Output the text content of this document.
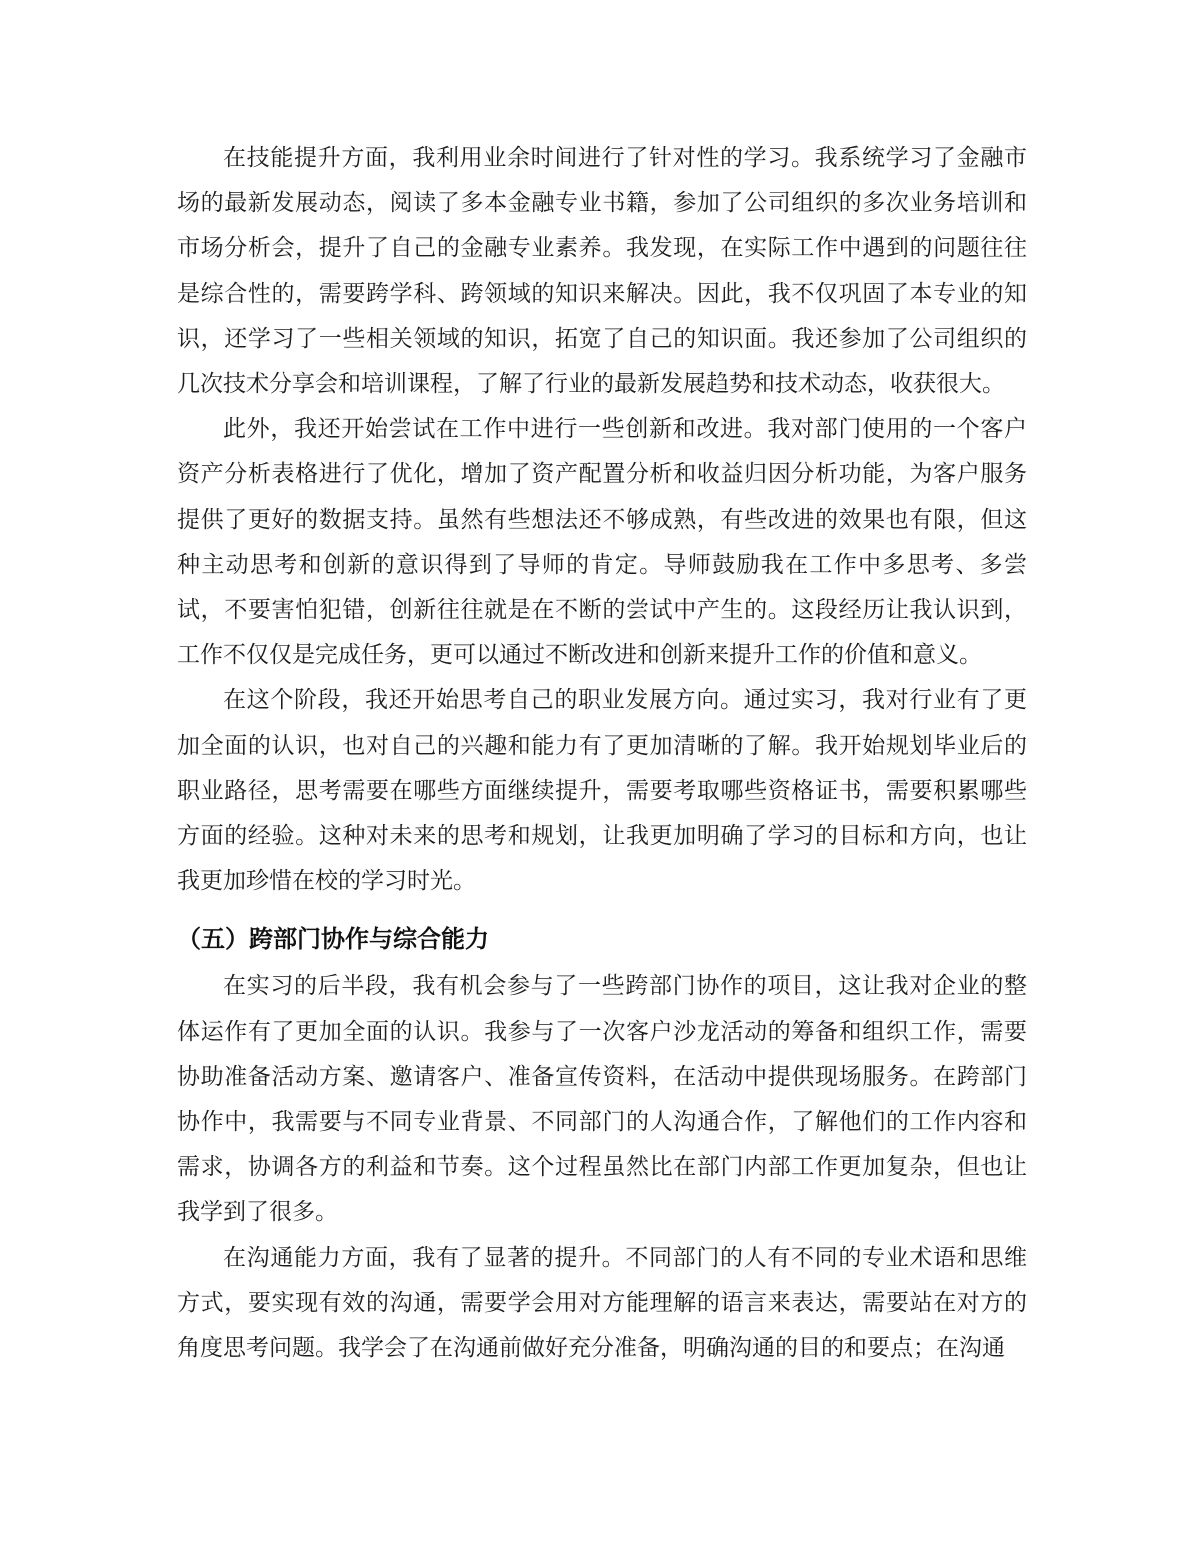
在技能提升方面，我利用业余时间进行了针对性的学习。我系统学习了金融市场的最新发展动态，阅读了多本金融专业书籍，参加了公司组织的多次业务培训和市场分析会，提升了自己的金融专业素养。我发现，在实际工作中遇到的问题往往是综合性的，需要跨学科、跨领域的知识来解决。因此，我不仅巩固了本专业的知识，还学习了一些相关领域的知识，拓宽了自己的知识面。我还参加了公司组织的几次技术分享会和培训课程，了解了行业的最新发展趋势和技术动态，收获很大。

此外，我还开始尝试在工作中进行一些创新和改进。我对部门使用的一个客户资产分析表格进行了优化，增加了资产配置分析和收益归因分析功能，为客户服务提供了更好的数据支持。虽然有些想法还不够成熟，有些改进的效果也有限，但这种主动思考和创新的意识得到了导师的肯定。导师鼓励我在工作中多思考、多尝试，不要害怕犯错，创新往往就是在不断的尝试中产生的。这段经历让我认识到，工作不仅仅是完成任务，更可以通过不断改进和创新来提升工作的价值和意义。

在这个阶段，我还开始思考自己的职业发展方向。通过实习，我对行业有了更加全面的认识，也对自己的兴趣和能力有了更加清晰的了解。我开始规划毕业后的职业路径，思考需要在哪些方面继续提升，需要考取哪些资格证书，需要积累哪些方面的经验。这种对未来的思考和规划，让我更加明确了学习的目标和方向，也让我更加珍惜在校的学习时光。

（五）跨部门协作与综合能力

在实习的后半段，我有机会参与了一些跨部门协作的项目，这让我对企业的整体运作有了更加全面的认识。我参与了一次客户沙龙活动的筹备和组织工作，需要协助准备活动方案、邀请客户、准备宣传资料，在活动中提供现场服务。在跨部门协作中，我需要与不同专业背景、不同部门的人沟通合作，了解他们的工作内容和需求，协调各方的利益和节奏。这个过程虽然比在部门内部工作更加复杂，但也让我学到了很多。

在沟通能力方面，我有了显著的提升。不同部门的人有不同的专业术语和思维方式，要实现有效的沟通，需要学会用对方能理解的语言来表达，需要站在对方的角度思考问题。我学会了在沟通前做好充分准备，明确沟通的目的和要点；在沟通
